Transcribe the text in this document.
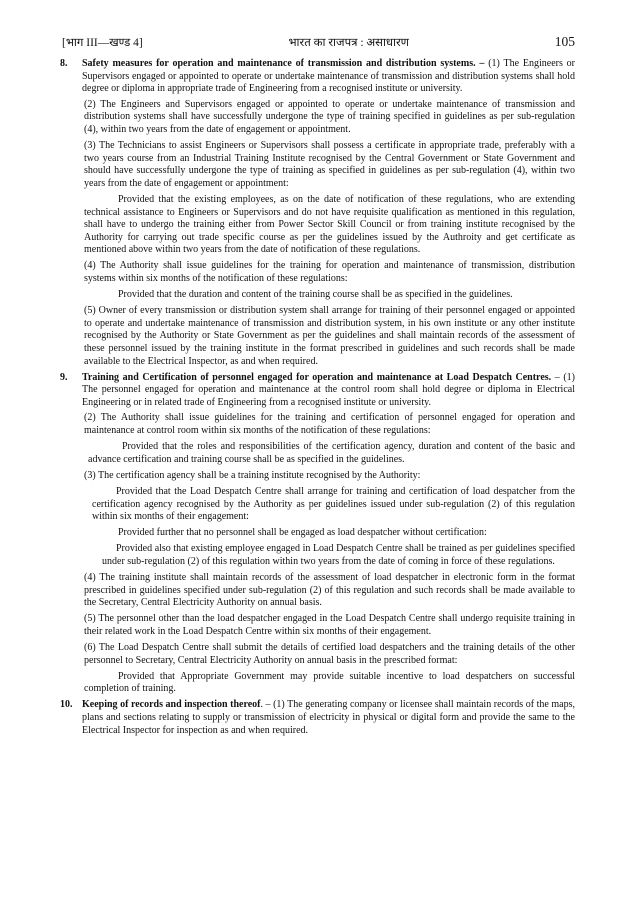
[भाग III—खण्ड 4]	भारत का राजपत्र : असाधारण	105
8.	Safety measures for operation and maintenance of transmission and distribution systems. – (1) The Engineers or Supervisors engaged or appointed to operate or undertake maintenance of transmission and distribution systems shall hold degree or diploma in appropriate trade of Engineering from a recognised institute or university.

(2) The Engineers and Supervisors engaged or appointed to operate or undertake maintenance of transmission and distribution systems shall have successfully undergone the type of training specified in guidelines as per sub-regulation (4), within two years from the date of engagement or appointment.

(3) The Technicians to assist Engineers or Supervisors shall possess a certificate in appropriate trade, preferably with a two years course from an Industrial Training Institute recognised by the Central Government or State Government and should have successfully undergone the type of training as specified in guidelines as per sub-regulation (4), within two years from the date of engagement or appointment:

Provided that the existing employees, as on the date of notification of these regulations, who are extending technical assistance to Engineers or Supervisors and do not have requisite qualification as mentioned in this regulation, shall have to undergo the training either from Power Sector Skill Council or from training institute recognised by the Authority for carrying out trade specific course as per the guidelines issued by the Authroity and get certificate as mentioned above within two years from the date of notification of these regulations.

(4) The Authority shall issue guidelines for the training for operation and maintenance of transmission, distribution systems within six months of the notification of these regulations:

Provided that the duration and content of the training course shall be as specified in the guidelines.

(5) Owner of every transmission or distribution system shall arrange for training of their personnel engaged or appointed to operate and undertake maintenance of transmission and distribution system, in his own institute or any other institute recognised by the Authority or State Government as per the guidelines and shall maintain records of the assessment of these personnel issued by the training institute in the format prescribed in guidelines and such records shall be made available to the Electrical Inspector, as and when required.

9.	Training and Certification of personnel engaged for operation and maintenance at Load Despatch Centres. – (1) The personnel engaged for operation and maintenance at the control room shall hold degree or diploma in Electrical Engineering or in related trade of Engineering from a recognised institute or university.

(2) The Authority shall issue guidelines for the training and certification of personnel engaged for operation and maintenance at control room within six months of the notification of these regulations:

Provided that the roles and responsibilities of the certification agency, duration and content of the basic and advance certification and training course shall be as specified in the guidelines.

(3) The certification agency shall be a training institute recognised by the Authority:

Provided that the Load Despatch Centre shall arrange for training and certification of load despatcher from the certification agency recognised by the Authority as per guidelines issued under sub-regulation (2) of this regulation within six months of their engagement:

Provided further that no personnel shall be engaged as load despatcher without certification:

Provided also that existing employee engaged in Load Despatch Centre shall be trained as per guidelines specified under sub-regulation (2) of this regulation within two years from the date of coming in force of these regulations.

(4) The training institute shall maintain records of the assessment of load despatcher in electronic form in the format prescribed in guidelines specified under sub-regulation (2) of this regulation and such records shall be made available to the Secretary, Central Electricity Authority on annual basis.

(5) The personnel other than the load despatcher engaged in the Load Despatch Centre shall undergo requisite training in their related work in the Load Despatch Centre within six months of their engagement.

(6) The Load Despatch Centre shall submit the details of certified load despatchers and the training details of the other personnel to Secretary, Central Electricity Authority on annual basis in the prescribed format:

Provided that Appropriate Government may provide suitable incentive to load despatchers on successful completion of training.

10. Keeping of records and inspection thereof. – (1) The generating company or licensee shall maintain records of the maps, plans and sections relating to supply or transmission of electricity in physical or digital form and provide the same to the Electrical Inspector for inspection as and when required.
